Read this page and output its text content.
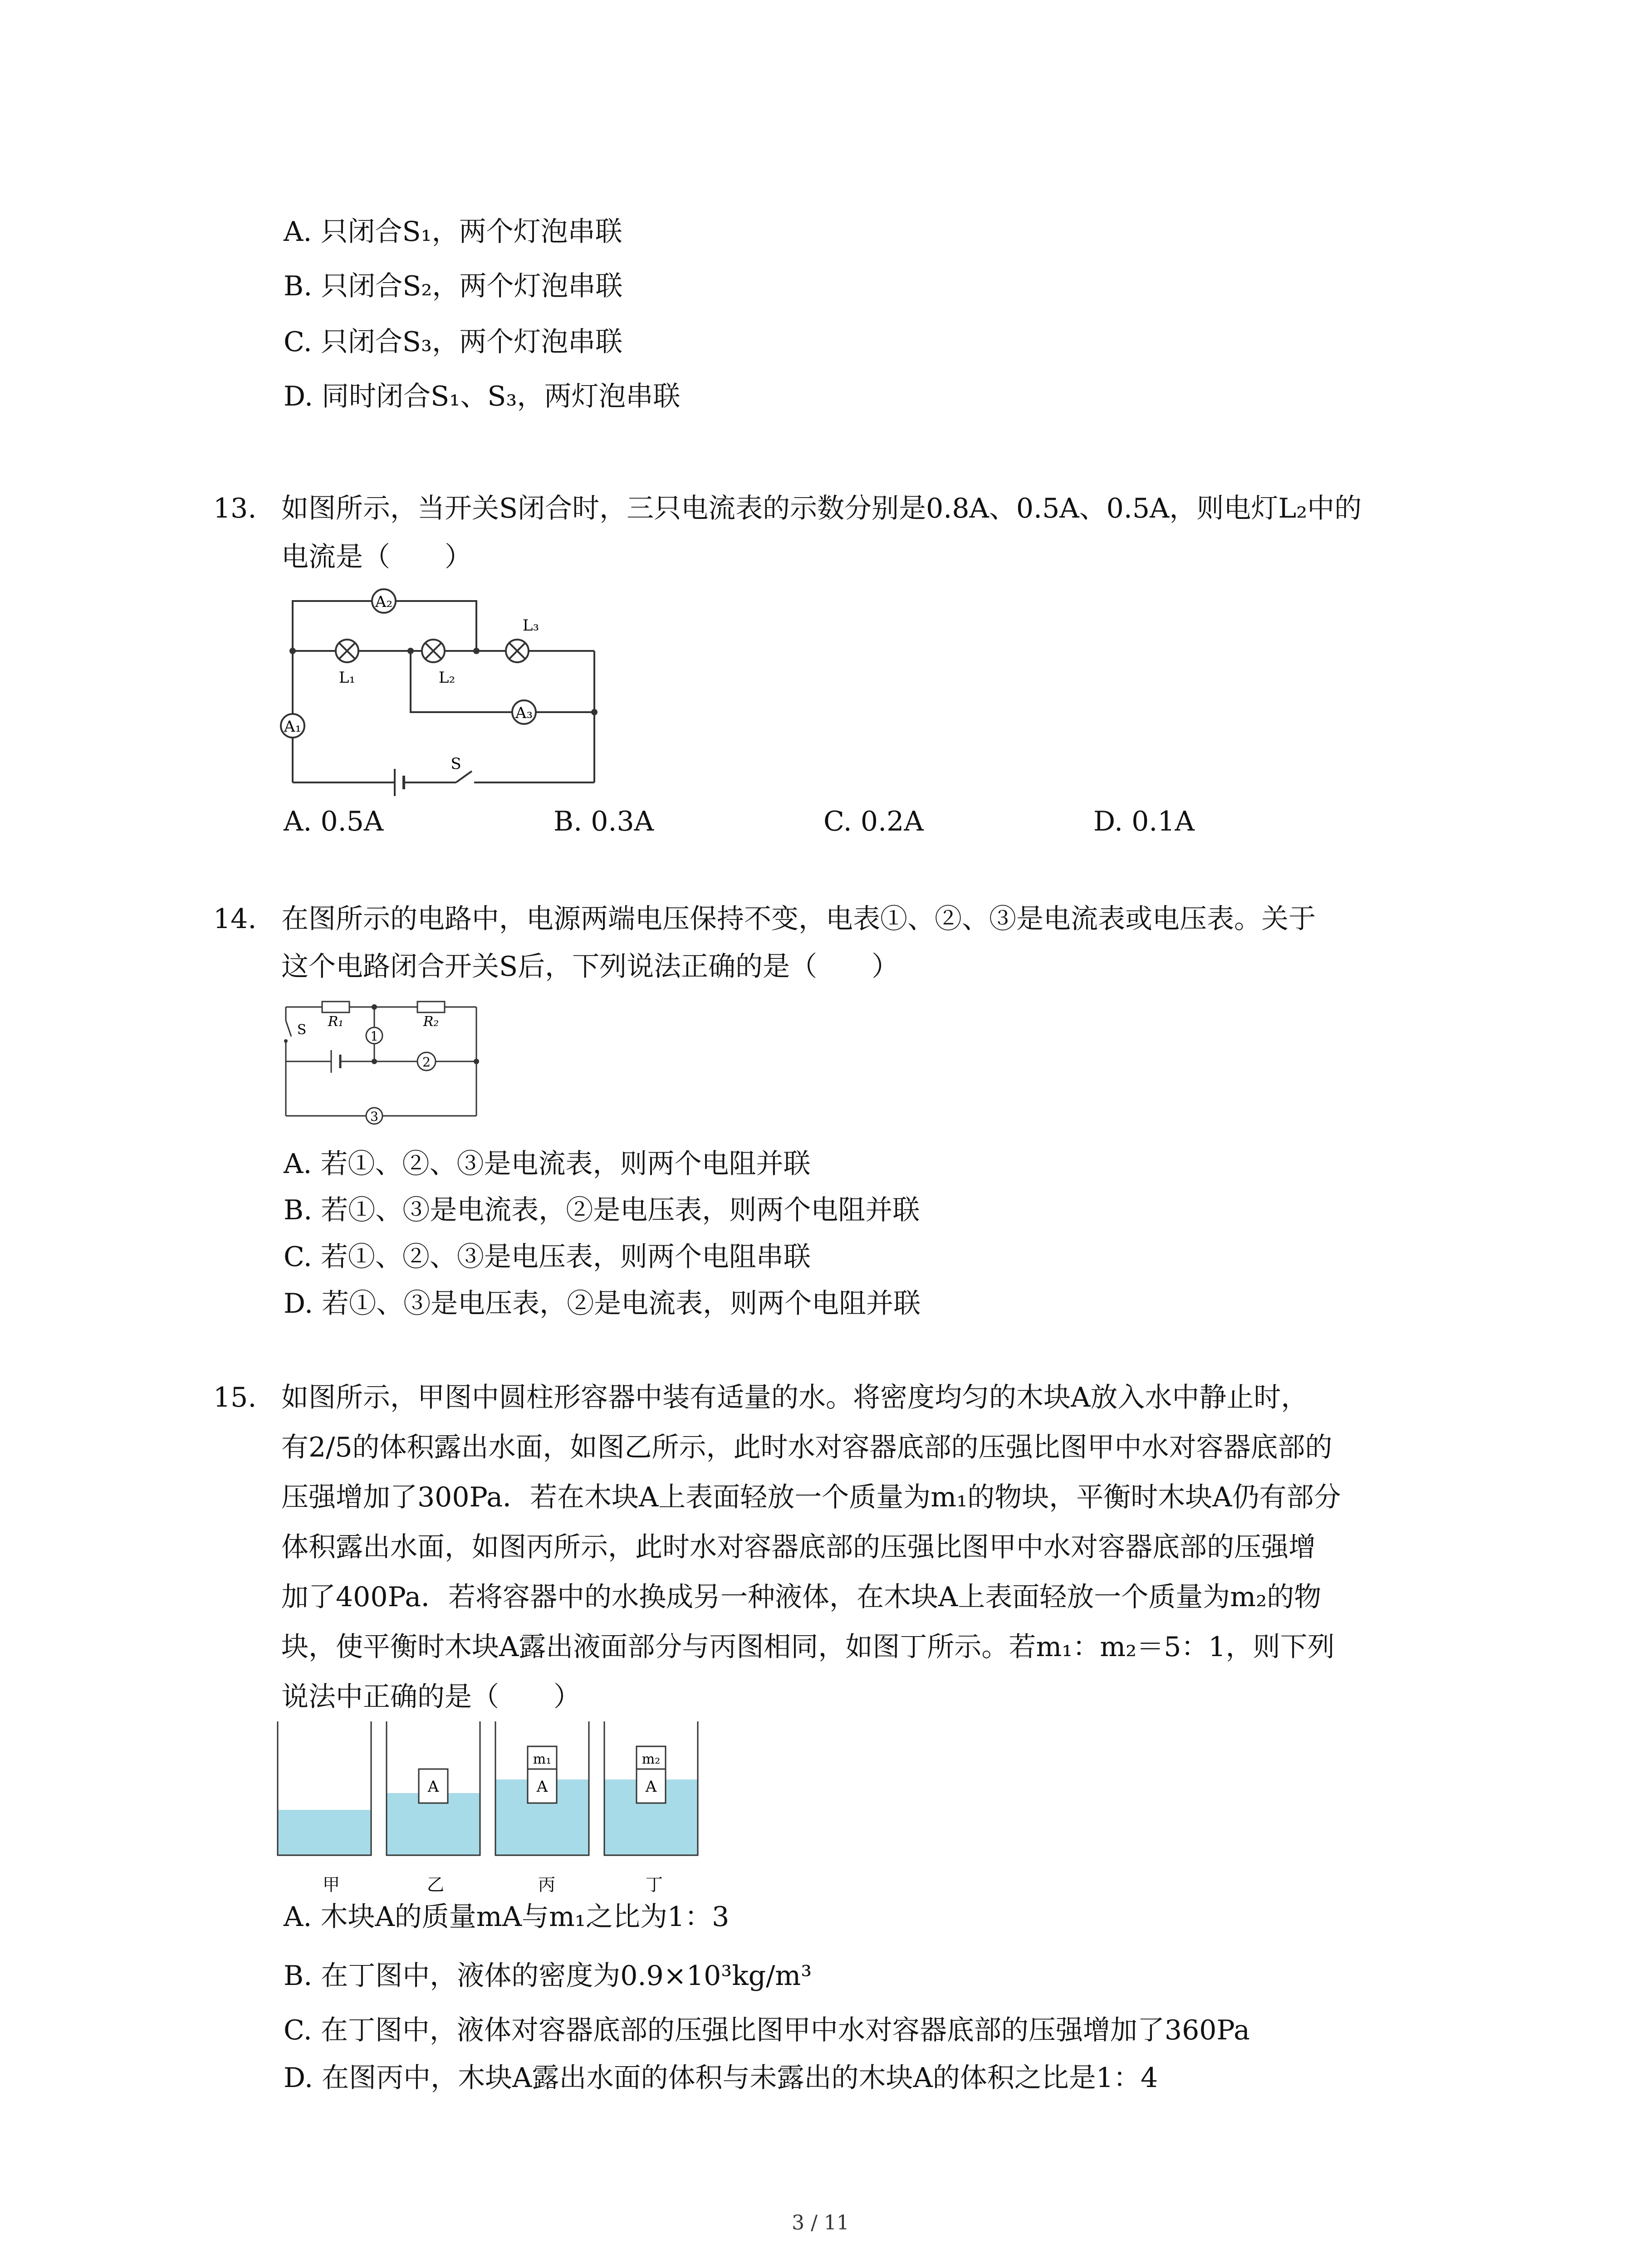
A. 只闭合S₁，两个灯泡串联
B. 只闭合S₂，两个灯泡串联
C. 只闭合S₃，两个灯泡串联
D. 同时闭合S₁、S₃，两灯泡串联
13. 如图所示，当开关S闭合时，三只电流表的示数分别是0.8A、0.5A、0.5A，则电灯L₂中的
电流是（　　）
A₂
A₁
A₃
L₁	L₂
L₃
S
A. 0.5A	B. 0.3A	C. 0.2A	D. 0.1A
14. 在图所示的电路中，电源两端电压保持不变，电表①、②、③是电流表或电压表。关于
这个电路闭合开关S后，下列说法正确的是（　　）
1
2
3
R₁	R₂
S
A. 若①、②、③是电流表，则两个电阻并联
B. 若①、③是电流表，②是电压表，则两个电阻并联
C. 若①、②、③是电压表，则两个电阻串联
D. 若①、③是电压表，②是电流表，则两个电阻并联
15. 如图所示，甲图中圆柱形容器中装有适量的水。将密度均匀的木块A放入水中静止时，
有2/5的体积露出水面，如图乙所示，此时水对容器底部的压强比图甲中水对容器底部的
压强增加了300Pa．若在木块A上表面轻放一个质量为m₁的物块，平衡时木块A仍有部分
体积露出水面，如图丙所示，此时水对容器底部的压强比图甲中水对容器底部的压强增
加了400Pa．若将容器中的水换成另一种液体，在木块A上表面轻放一个质量为m₂的物
块，使平衡时木块A露出液面部分与丙图相同，如图丁所示。若m₁：m₂＝5：1，则下列
说法中正确的是（　　）
A	A
m₁
A
m₂
甲	乙	丙	丁
A. 木块A的质量mA与m₁之比为1：3
B. 在丁图中，液体的密度为0.9×10³kg/m³
C. 在丁图中，液体对容器底部的压强比图甲中水对容器底部的压强增加了360Pa
D. 在图丙中，木块A露出水面的体积与未露出的木块A的体积之比是1：4
3 / 11
